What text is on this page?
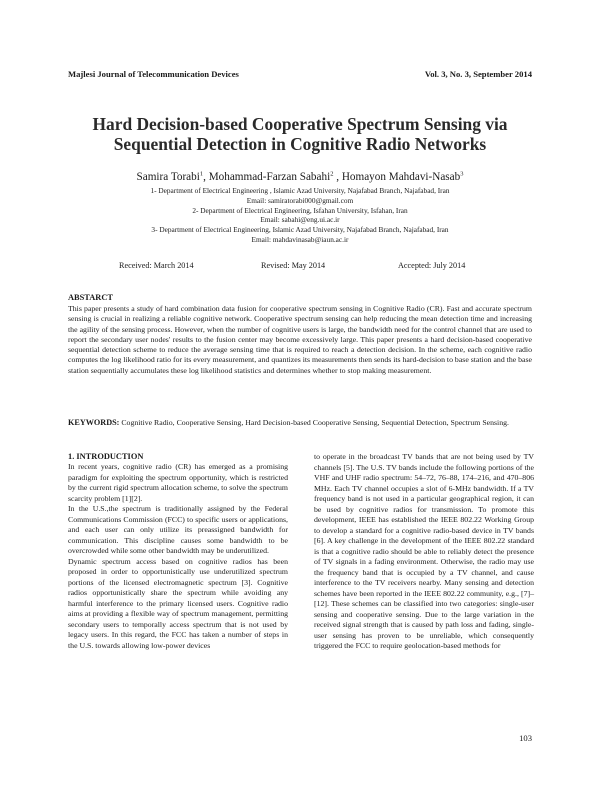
Majlesi Journal of Telecommunication Devices	Vol. 3, No. 3, September 2014
Hard Decision-based Cooperative Spectrum Sensing via
Sequential Detection in Cognitive Radio Networks
Samira Torabi$^1$, Mohammad-Farzan Sabahi$^2$ , Homayon Mahdavi-Nasab$^3$
1- Department of Electrical Engineering , Islamic Azad University, Najafabad Branch, Najafabad, Iran
Email: samiratorabi000@gmail.com
2- Department of Electrical Engineering, Isfahan University, Isfahan, Iran
Email: sabahi@eng.ui.ac.ir
3- Department of Electrical Engineering, Islamic Azad University, Najafabad Branch, Najafabad, Iran
Email: mahdavinasab@iaun.ac.ir
Received: March 2014	Revised: May 2014	Accepted: July 2014
ABSTARCT
This paper presents a study of hard combination data fusion for cooperative spectrum sensing in Cognitive Radio (CR). Fast and accurate spectrum sensing is crucial in realizing a reliable cognitive network. Cooperative spectrum sensing can help reducing the mean detection time and increasing the agility of the sensing process. However, when the number of cognitive users is large, the bandwidth need for the control channel that are used to report the secondary user nodes' results to the fusion center may become excessively large. This paper presents a hard decision-based cooperative sequential detection scheme to reduce the average sensing time that is required to reach a detection decision. In the scheme, each cognitive radio computes the log likelihood ratio for its every measurement, and quantizes its measurements then sends its hard-decision to base station and the base station sequentially accumulates these log likelihood statistics and determines whether to stop making measurement.
KEYWORDS: Cognitive Radio, Cooperative Sensing, Hard Decision-based Cooperative Sensing, Sequential Detection, Spectrum Sensing.
1. INTRODUCTION

In recent years, cognitive radio (CR) has emerged as a promising paradigm for exploiting the spectrum opportunity, which is restricted by the current rigid spectrum allocation scheme, to solve the spectrum scarcity problem [1][2].

In the U.S.,the spectrum is traditionally assigned by the Federal Communications Commission (FCC) to specific users or applications, and each user can only utilize its preassigned bandwidth for communication. This discipline causes some bandwidth to be overcrowded while some other bandwidth may be underutilized.

Dynamic spectrum access based on cognitive radios has been proposed in order to opportunistically use underutilized spectrum portions of the licensed electromagnetic spectrum [3]. Cognitive radios opportunistically share the spectrum while avoiding any harmful interference to the primary licensed users. Cognitive radio aims at providing a flexible way of spectrum management, permitting secondary users to temporally access spectrum that is not used by legacy users. In this regard, the FCC has taken a number of steps in the U.S. towards allowing low-power devices

to operate in the broadcast TV bands that are not being used by TV channels [5]. The U.S. TV bands include the following portions of the VHF and UHF radio spectrum: 54–72, 76–88, 174–216, and 470–806 MHz. Each TV channel occupies a slot of 6-MHz bandwidth. If a TV frequency band is not used in a particular geographical region, it can be used by cognitive radios for transmission. To promote this development, IEEE has established the IEEE 802.22 Working Group to develop a standard for a cognitive radio-based device in TV bands [6]. A key challenge in the development of the IEEE 802.22 standard is that a cognitive radio should be able to reliably detect the presence of TV signals in a fading environment. Otherwise, the radio may use the frequency band that is occupied by a TV channel, and cause interference to the TV receivers nearby. Many sensing and detection schemes have been reported in the IEEE 802.22 community, e.g., [7]–[12]. These schemes can be classified into two categories: single-user sensing and cooperative sensing. Due to the large variation in the received signal strength that is caused by path loss and fading, single-user sensing has proven to be unreliable, which consequently triggered the FCC to require geolocation-based methods for

103
